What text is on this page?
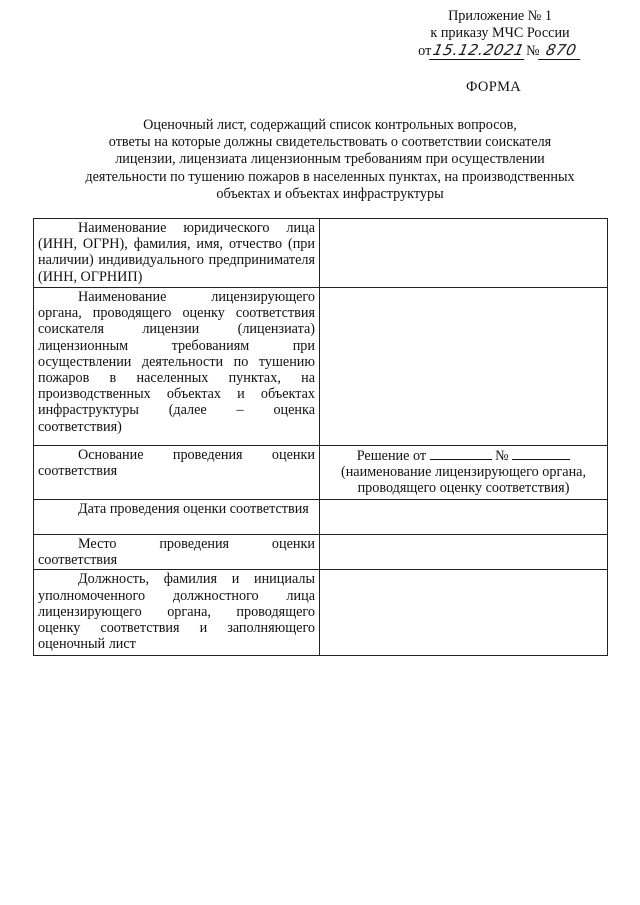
Приложение № 1
к приказу МЧС России
от15.12.2021№ 870
ФОРМА
Оценочный лист, содержащий список контрольных вопросов,
ответы на которые должны свидетельствовать о соответствии соискателя
лицензии, лицензиата лицензионным требованиям при осуществлении
деятельности по тушению пожаров в населенных пунктах, на производственных
объектах и объектах инфраструктуры
Наименование юридического лица (ИНН, ОГРН), фамилия, имя, отчество (при наличии) индивидуального предпринимателя (ИНН, ОГРНИП)	
Наименование лицензирующего органа, проводящего оценку соответствия соискателя лицензии (лицензиата) лицензионным требованиям при осуществлении деятельности по тушению пожаров в населенных пунктах, на производственных объектах и объектах инфраструктуры (далее – оценка соответствия)	
Основание проведения оценки соответствия	Решение от №
(наименование лицензирующего органа, проводящего оценку соответствия)

Дата проведения оценки соответствия	
Место проведения оценки соответствия	
Должность, фамилия и инициалы уполномоченного должностного лица лицензирующего органа, проводящего оценку соответствия и заполняющего оценочный лист	
